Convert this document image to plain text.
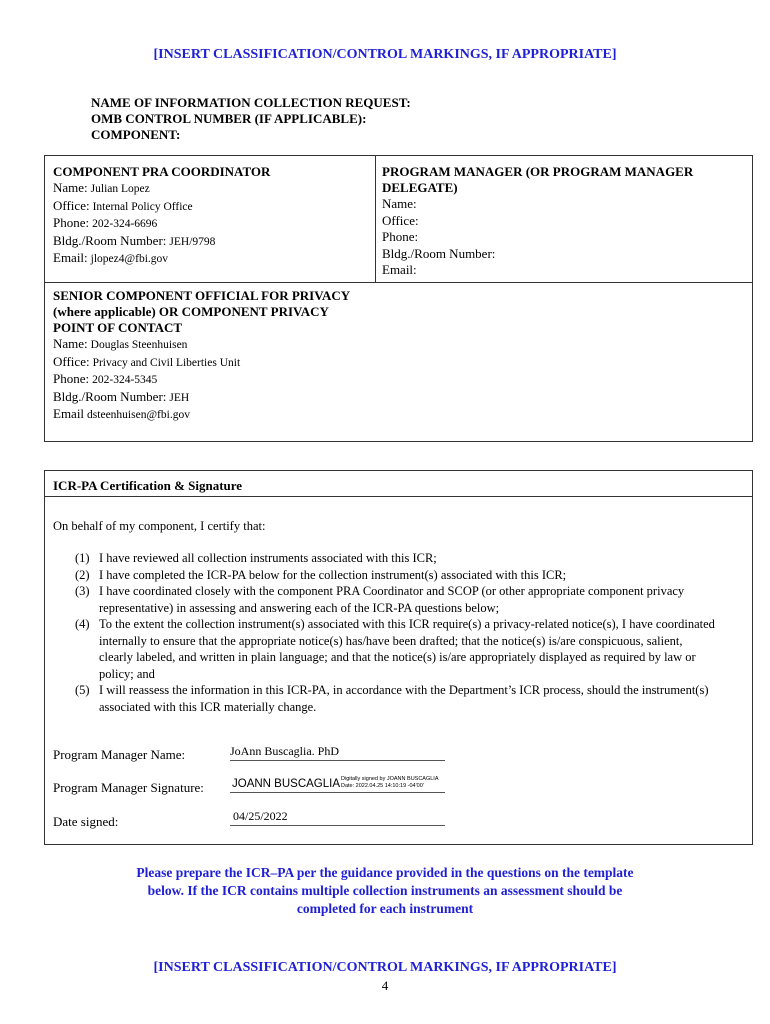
[INSERT CLASSIFICATION/CONTROL MARKINGS, IF APPROPRIATE]
NAME OF INFORMATION COLLECTION REQUEST:
OMB CONTROL NUMBER (IF APPLICABLE):
COMPONENT:
COMPONENT PRA COORDINATOR
Name: Julian Lopez
Office: Internal Policy Office
Phone: 202-324-6696
Bldg./Room Number: JEH/9798
Email: jlopez4@fbi.gov
PROGRAM MANAGER (OR PROGRAM MANAGER
DELEGATE)
Name:
Office:
Phone:
Bldg./Room Number:
Email:
SENIOR COMPONENT OFFICIAL FOR PRIVACY
(where applicable) OR COMPONENT PRIVACY
POINT OF CONTACT
Name: Douglas Steenhuisen
Office: Privacy and Civil Liberties Unit
Phone: 202-324-5345
Bldg./Room Number: JEH
Email dsteenhuisen@fbi.gov
ICR-PA Certification & Signature
On behalf of my component, I certify that:
(1) I have reviewed all collection instruments associated with this ICR;
(2) I have completed the ICR-PA below for the collection instrument(s) associated with this ICR;
(3) I have coordinated closely with the component PRA Coordinator and SCOP (or other appropriate component privacy representative) in assessing and answering each of the ICR-PA questions below;
(4) To the extent the collection instrument(s) associated with this ICR require(s) a privacy-related notice(s), I have coordinated internally to ensure that the appropriate notice(s) has/have been drafted; that the notice(s) is/are conspicuous, salient, clearly labeled, and written in plain language; and that the notice(s) is/are appropriately displayed as required by law or policy; and
(5) I will reassess the information in this ICR-PA, in accordance with the Department’s ICR process, should the instrument(s) associated with this ICR materially change.
Program Manager Name:	JoAnn Buscaglia. PhD
Program Manager Signature: JOANN BUSCAGLIA Digitally signed by JOANN BUSCAGLIA
Date: 2022.04.25 14:10:19 -04'00'
Date signed:	04/25/2022
Please prepare the ICR–PA per the guidance provided in the questions on the template
below. If the ICR contains multiple collection instruments an assessment should be
completed for each instrument
[INSERT CLASSIFICATION/CONTROL MARKINGS, IF APPROPRIATE]
4
